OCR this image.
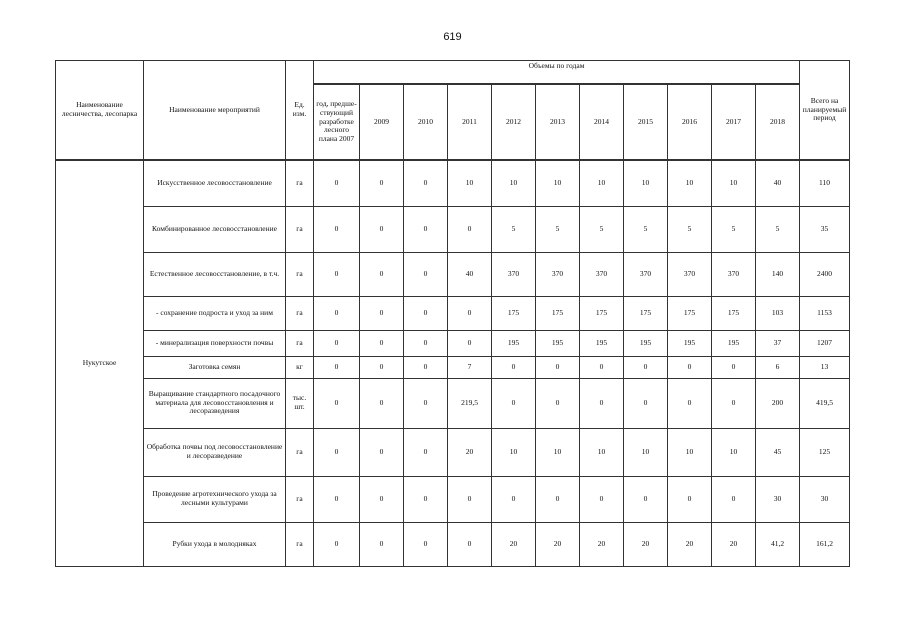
619
Наименование лесничества, лесопарка	Наименование мероприятий	Ед. изм.	Объемы по годам											Всего на планируемый период
			год, предше-ствующий разработке лесного плана 2007	2009	2010	2011	2012	2013	2014	2015	2016	2017	2018	
Нукутское	Искусственное лесовосстановление	га	0	0	0	10	10	10	10	10	10	10	40	110
	Комбинированное лесовосстановление	га	0	0	0	0	5	5	5	5	5	5	5	35
	Естественное лесовосстановление, в т.ч.	га	0	0	0	40	370	370	370	370	370	370	140	2400
	- сохранение подроста и уход за ним	га	0	0	0	0	175	175	175	175	175	175	103	1153
	- минерализация поверхности почвы	га	0	0	0	0	195	195	195	195	195	195	37	1207
	Заготовка семян	кг	0	0	0	7	0	0	0	0	0	0	6	13
	Выращивание стандартного посадочного материала для лесовосстановления и лесоразведения	тыс. шт.	0	0	0	219,5	0	0	0	0	0	0	200	419,5
	Обработка почвы под лесовосстановление и лесоразведение	га	0	0	0	20	10	10	10	10	10	10	45	125
	Проведение агротехнического ухода за лесными культурами	га	0	0	0	0	0	0	0	0	0	0	30	30
	Рубки ухода в молодняках	га	0	0	0	0	20	20	20	20	20	20	41,2	161,2
